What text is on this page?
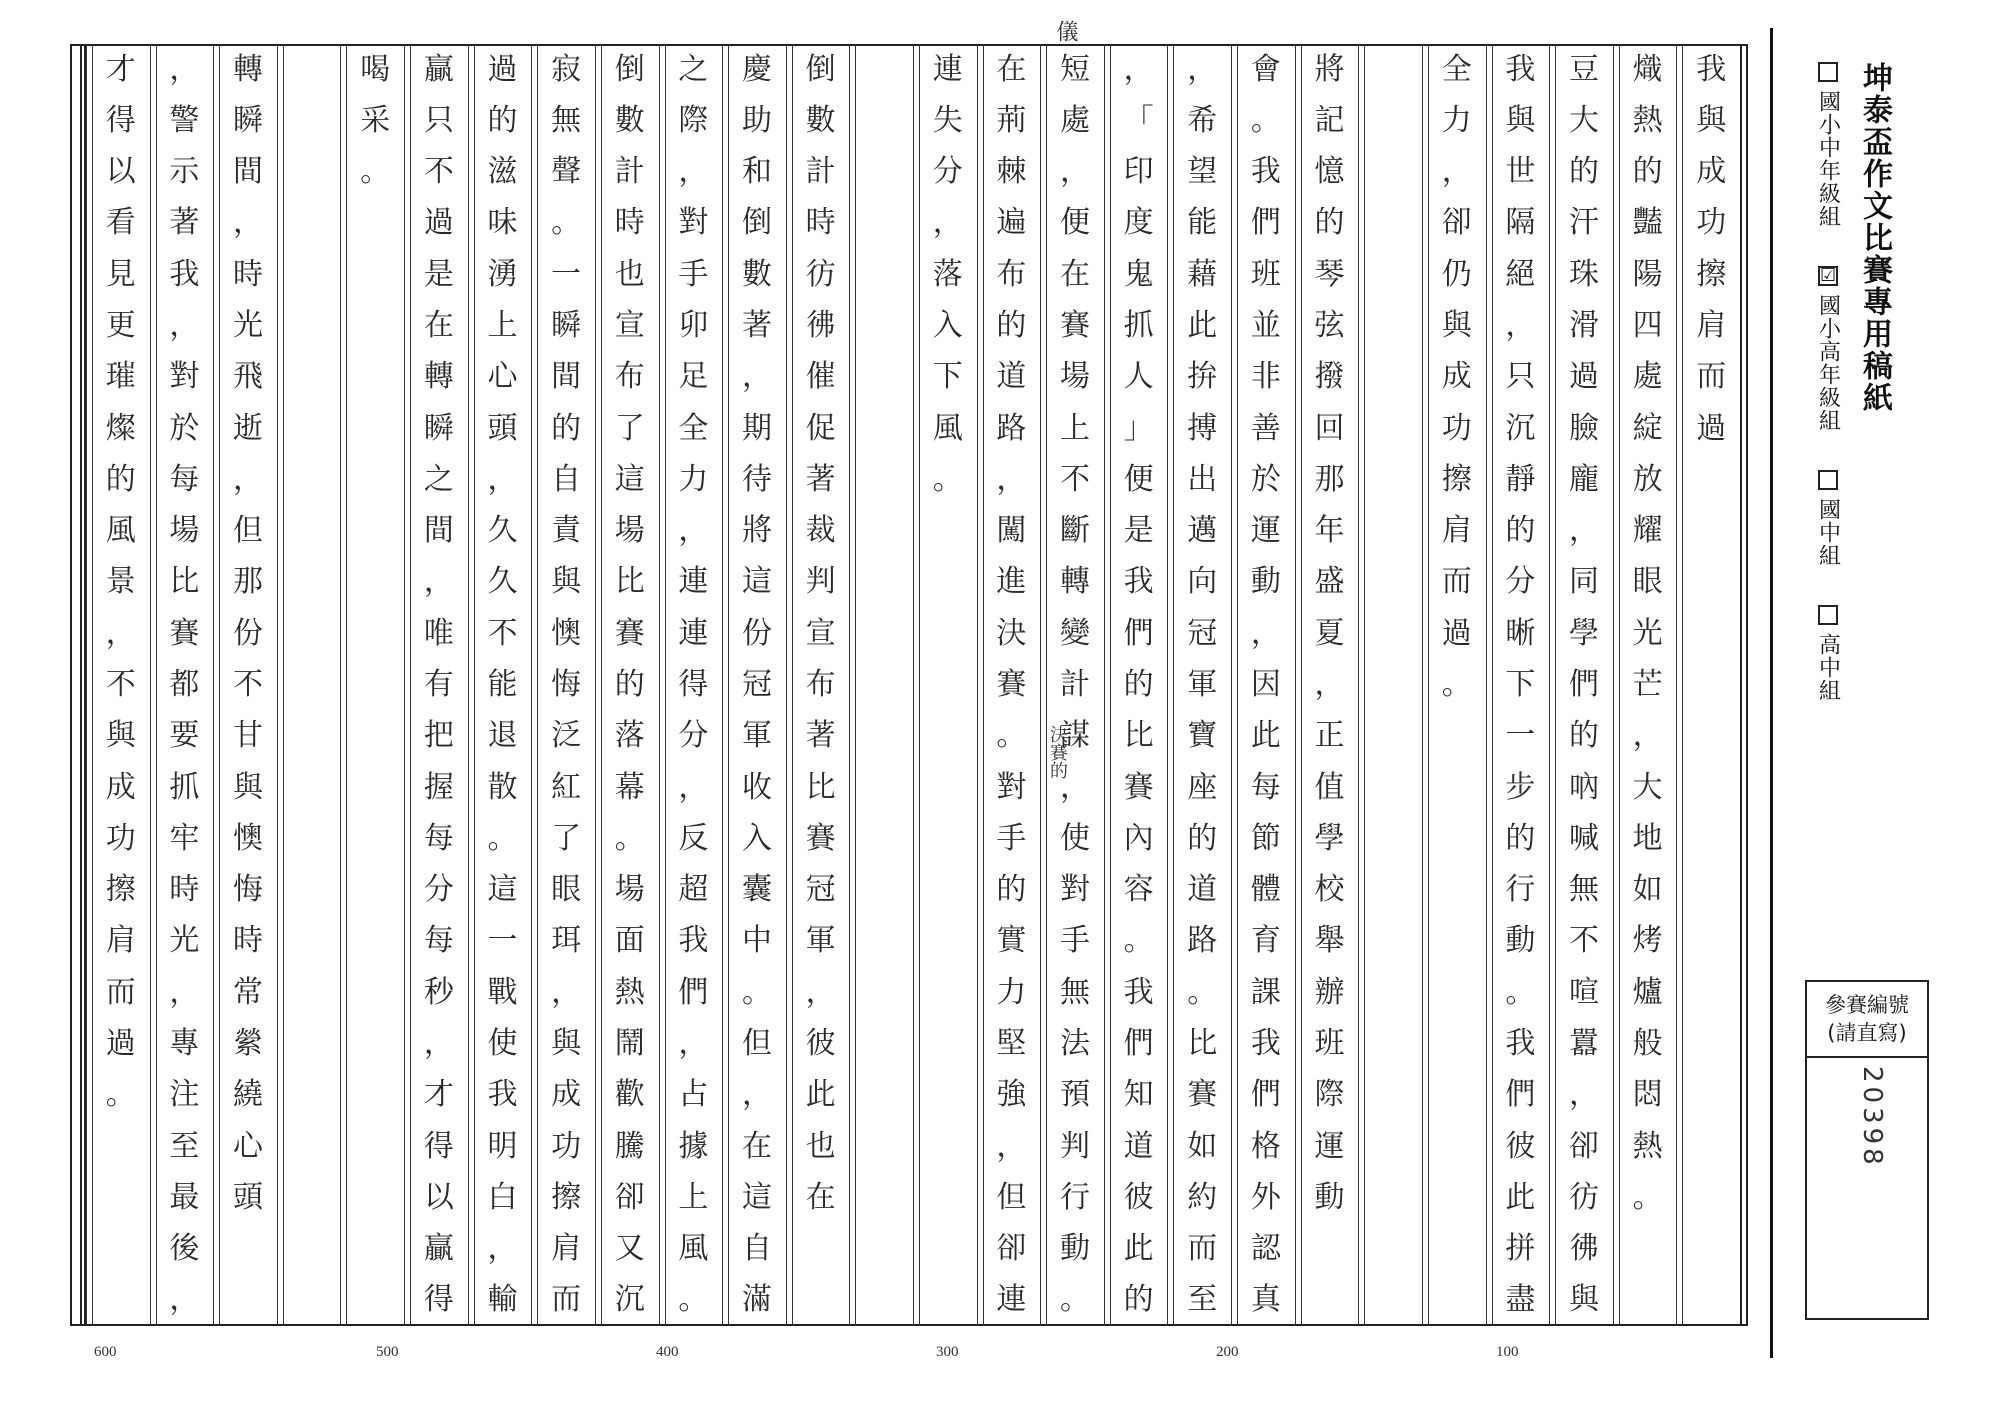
我
與
成
功
擦
肩
而
過
熾
熱
的
豔
陽
四
處
綻
放
耀
眼
光
芒
，
大
地
如
烤
爐
般
悶
熱
。
豆
大
的
汗
珠
滑
過
臉
龐
，
同
學
們
的
吶
喊
無
不
喧
囂
，
卻
彷
彿
與
我
與
世
隔
絕
，
只
沉
靜
的
分
晰
下
一
步
的
行
動
。
我
們
彼
此
拼
盡
全
力
，
卻
仍
與
成
功
擦
肩
而
過
。
將
記
憶
的
琴
弦
撥
回
那
年
盛
夏
，
正
值
學
校
舉
辦
班
際
運
動
會
。
我
們
班
並
非
善
於
運
動
，
因
此
每
節
體
育
課
我
們
格
外
認
真
，
希
望
能
藉
此
拚
搏
出
邁
向
冠
軍
寶
座
的
道
路
。
比
賽
如
約
而
至
，
「
印
度
鬼
抓
人
」
便
是
我
們
的
比
賽
內
容
。
我
們
知
道
彼
此
的
短
處
，
便
在
賽
場
上
不
斷
轉
變
計
謀
，
使
對
手
無
法
預
判
行
動
。
在
荊
棘
遍
布
的
道
路
，
闖
進
決
賽
。
對
手
的
實
力
堅
強
，
但
卻
連
連
失
分
，
落
入
下
風
。
倒
數
計
時
彷
彿
催
促
著
裁
判
宣
布
著
比
賽
冠
軍
，
彼
此
也
在
慶
助
和
倒
數
著
，
期
待
將
這
份
冠
軍
收
入
囊
中
。
但
，
在
這
自
滿
之
際
，
對
手
卯
足
全
力
，
連
連
得
分
，
反
超
我
們
，
占
據
上
風
。
倒
數
計
時
也
宣
布
了
這
場
比
賽
的
落
幕
。
場
面
熱
鬧
歡
騰
卻
又
沉
寂
無
聲
。
一
瞬
間
的
自
責
與
懊
悔
泛
紅
了
眼
珥
，
與
成
功
擦
肩
而
過
的
滋
味
湧
上
心
頭
，
久
久
不
能
退
散
。
這
一
戰
使
我
明
白
，
輸
贏
只
不
過
是
在
轉
瞬
之
間
，
唯
有
把
握
每
分
每
秒
，
才
得
以
贏
得
喝
采
。
轉
瞬
間
，
時
光
飛
逝
，
但
那
份
不
甘
與
懊
悔
時
常
縈
繞
心
頭
，
警
示
著
我
，
對
於
每
場
比
賽
都
要
抓
牢
時
光
，
專
注
至
最
後
，
才
得
以
看
見
更
璀
燦
的
風
景
，
不
與
成
功
擦
肩
而
過
。
600	500	400	300	200	100
儀
決賽的
坤泰盃作文比賽專用稿紙
國小中年級組
☑
國小高年級組
國中組
高中組
參賽編號
(請直寫)
20398
